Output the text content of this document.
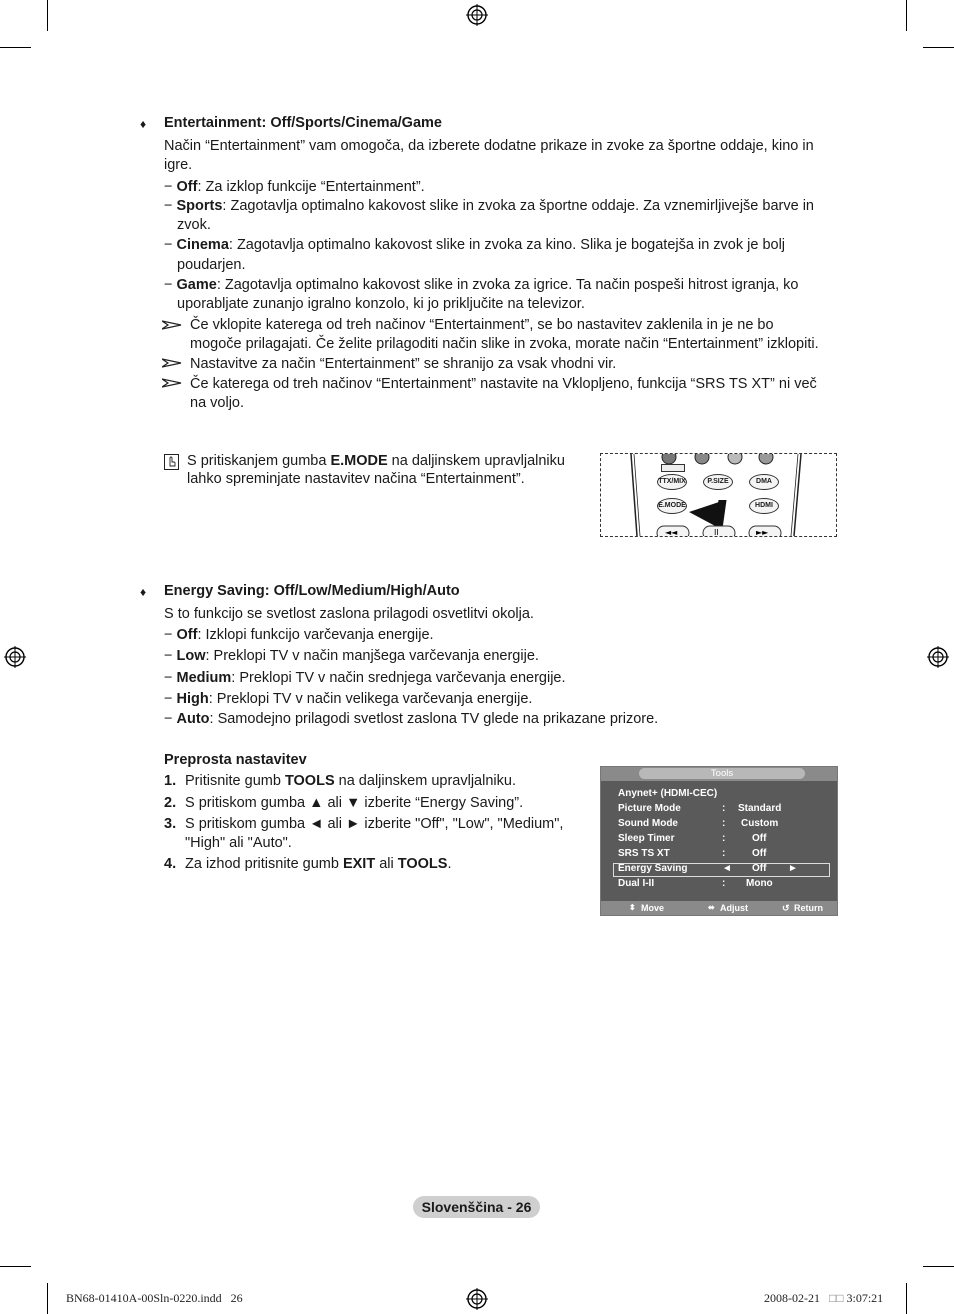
♦ Entertainment: Off/Sports/Cinema/Game
Način “Entertainment” vam omogoča, da izberete dodatne prikaze in zvoke za športne oddaje, kino in
igre.
− Off: Za izklop funkcije “Entertainment”.
− Sports: Zagotavlja optimalno kakovost slike in zvoka za športne oddaje. Za vznemirljivejše barve in
zvok.
− Cinema: Zagotavlja optimalno kakovost slike in zvoka za kino. Slika je bogatejša in zvok je bolj
poudarjen.
− Game: Zagotavlja optimalno kakovost slike in zvoka za igrice. Ta način pospeši hitrost igranja, ko
uporabljate zunanjo igralno konzolo, ki jo priključite na televizor.
Če vklopite katerega od treh načinov “Entertainment”, se bo nastavitev zaklenila in je ne bo
mogoče prilagajati. Če želite prilagoditi način slike in zvoka, morate način “Entertainment” izklopiti.
Nastavitve za način “Entertainment” se shranijo za vsak vhodni vir.
Če katerega od treh načinov “Entertainment” nastavite na Vklopljeno, funkcija “SRS TS XT” ni več
na voljo.
S pritiskanjem gumba E.MODE na daljinskem upravljalniku
lahko spreminjate nastavitev načina “Entertainment”.
◄◄	II	►►
TTX/MIX	P.SIZE	DMA
E.MODE	HDMI
♦ Energy Saving: Off/Low/Medium/High/Auto
S to funkcijo se svetlost zaslona prilagodi osvetlitvi okolja.
− Off: Izklopi funkcijo varčevanja energije.
− Low: Preklopi TV v način manjšega varčevanja energije.
− Medium: Preklopi TV v način srednjega varčevanja energije.
− High: Preklopi TV v način velikega varčevanja energije.
− Auto: Samodejno prilagodi svetlost zaslona TV glede na prikazane prizore.
Preprosta nastavitev
1. Pritisnite gumb TOOLS na daljinskem upravljalniku.
2. S pritiskom gumba ▲ ali ▼ izberite “Energy Saving”.
3. S pritiskom gumba ◄ ali ► izberite "Off", "Low", "Medium",
"High" ali "Auto".
4. Za izhod pritisnite gumb EXIT ali TOOLS.
Tools
Anynet+ (HDMI-CEC)
Picture Mode	: Standard
Sound Mode	: Custom
Sleep Timer	:	Off
SRS TS XT	:	Off
Energy Saving	◄ Off ►
Dual I-II	: Mono
⬍ Move	⬌ Adjust	↺ Return
Slovenščina - 26
BN68-01410A-00Sln-0220.indd   26	2008-02-21 □□ 3:07:21
